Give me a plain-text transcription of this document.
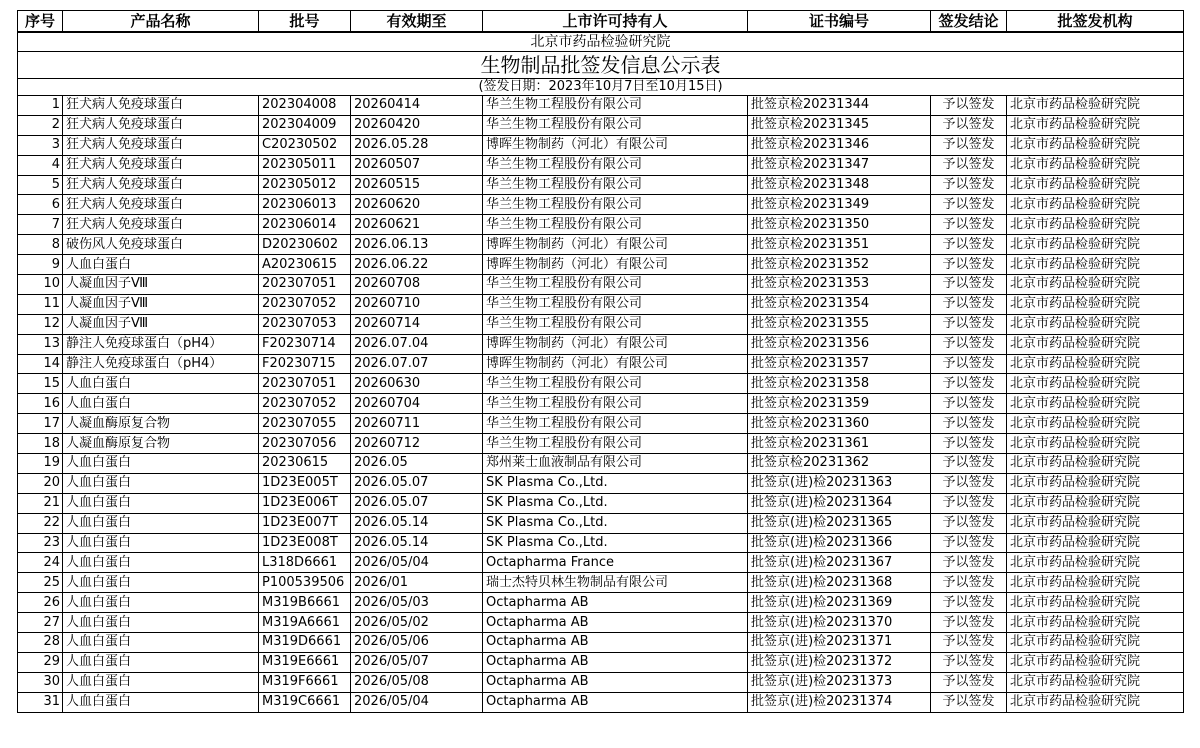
北京市药品检验研究院							
生物制品批签发信息公示表							
(签发日期：2023年10月7日至10月15日)							
序号	产品名称	批号	有效期至	上市许可持有人	证书编号	签发结论	批签发机构
1	狂犬病人免疫球蛋白	202304008	20260414	华兰生物工程股份有限公司	批签京检20231344	予以签发	北京市药品检验研究院
2	狂犬病人免疫球蛋白	202304009	20260420	华兰生物工程股份有限公司	批签京检20231345	予以签发	北京市药品检验研究院
3	狂犬病人免疫球蛋白	C20230502	2026.05.28	博晖生物制药（河北）有限公司	批签京检20231346	予以签发	北京市药品检验研究院
4	狂犬病人免疫球蛋白	202305011	20260507	华兰生物工程股份有限公司	批签京检20231347	予以签发	北京市药品检验研究院
5	狂犬病人免疫球蛋白	202305012	20260515	华兰生物工程股份有限公司	批签京检20231348	予以签发	北京市药品检验研究院
6	狂犬病人免疫球蛋白	202306013	20260620	华兰生物工程股份有限公司	批签京检20231349	予以签发	北京市药品检验研究院
7	狂犬病人免疫球蛋白	202306014	20260621	华兰生物工程股份有限公司	批签京检20231350	予以签发	北京市药品检验研究院
8	破伤风人免疫球蛋白	D20230602	2026.06.13	博晖生物制药（河北）有限公司	批签京检20231351	予以签发	北京市药品检验研究院
9	人血白蛋白	A20230615	2026.06.22	博晖生物制药（河北）有限公司	批签京检20231352	予以签发	北京市药品检验研究院
10	人凝血因子Ⅷ	202307051	20260708	华兰生物工程股份有限公司	批签京检20231353	予以签发	北京市药品检验研究院
11	人凝血因子Ⅷ	202307052	20260710	华兰生物工程股份有限公司	批签京检20231354	予以签发	北京市药品检验研究院
12	人凝血因子Ⅷ	202307053	20260714	华兰生物工程股份有限公司	批签京检20231355	予以签发	北京市药品检验研究院
13	静注人免疫球蛋白（pH4）	F20230714	2026.07.04	博晖生物制药（河北）有限公司	批签京检20231356	予以签发	北京市药品检验研究院
14	静注人免疫球蛋白（pH4）	F20230715	2026.07.07	博晖生物制药（河北）有限公司	批签京检20231357	予以签发	北京市药品检验研究院
15	人血白蛋白	202307051	20260630	华兰生物工程股份有限公司	批签京检20231358	予以签发	北京市药品检验研究院
16	人血白蛋白	202307052	20260704	华兰生物工程股份有限公司	批签京检20231359	予以签发	北京市药品检验研究院
17	人凝血酶原复合物	202307055	20260711	华兰生物工程股份有限公司	批签京检20231360	予以签发	北京市药品检验研究院
18	人凝血酶原复合物	202307056	20260712	华兰生物工程股份有限公司	批签京检20231361	予以签发	北京市药品检验研究院
19	人血白蛋白	20230615	2026.05	郑州莱士血液制品有限公司	批签京检20231362	予以签发	北京市药品检验研究院
20	人血白蛋白	1D23E005T	2026.05.07	SK Plasma Co.,Ltd.	批签京(进)检20231363	予以签发	北京市药品检验研究院
21	人血白蛋白	1D23E006T	2026.05.07	SK Plasma Co.,Ltd.	批签京(进)检20231364	予以签发	北京市药品检验研究院
22	人血白蛋白	1D23E007T	2026.05.14	SK Plasma Co.,Ltd.	批签京(进)检20231365	予以签发	北京市药品检验研究院
23	人血白蛋白	1D23E008T	2026.05.14	SK Plasma Co.,Ltd.	批签京(进)检20231366	予以签发	北京市药品检验研究院
24	人血白蛋白	L318D6661	2026/05/04	Octapharma France	批签京(进)检20231367	予以签发	北京市药品检验研究院
25	人血白蛋白	P100539506	2026/01	瑞士杰特贝林生物制品有限公司	批签京(进)检20231368	予以签发	北京市药品检验研究院
26	人血白蛋白	M319B6661	2026/05/03	Octapharma AB	批签京(进)检20231369	予以签发	北京市药品检验研究院
27	人血白蛋白	M319A6661	2026/05/02	Octapharma AB	批签京(进)检20231370	予以签发	北京市药品检验研究院
28	人血白蛋白	M319D6661	2026/05/06	Octapharma AB	批签京(进)检20231371	予以签发	北京市药品检验研究院
29	人血白蛋白	M319E6661	2026/05/07	Octapharma AB	批签京(进)检20231372	予以签发	北京市药品检验研究院
30	人血白蛋白	M319F6661	2026/05/08	Octapharma AB	批签京(进)检20231373	予以签发	北京市药品检验研究院
31	人血白蛋白	M319C6661	2026/05/04	Octapharma AB	批签京(进)检20231374	予以签发	北京市药品检验研究院
